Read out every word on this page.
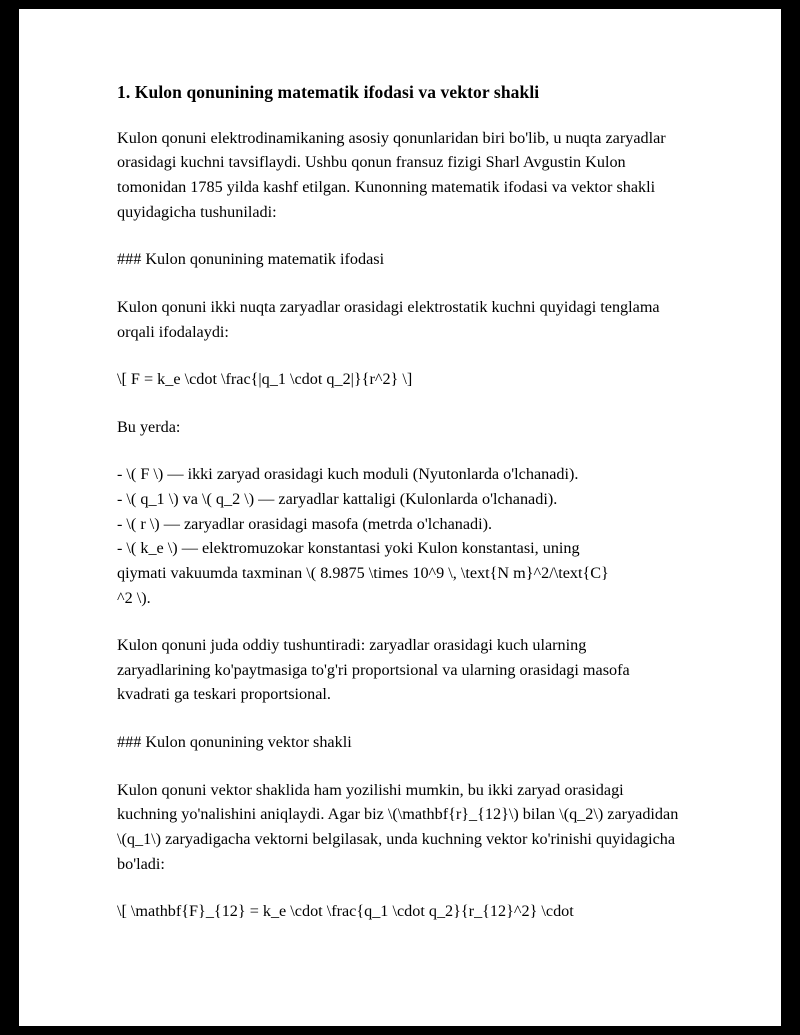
1. Kulon qonunining matematik ifodasi va vektor shakli

Kulon qonuni elektrodinamikaning asosiy qonunlaridan biri bo'lib, u nuqta zaryadlar orasidagi kuchni tavsiflaydi. Ushbu qonun fransuz fizigi Sharl Avgustin Kulon tomonidan 1785 yilda kashf etilgan. Kunonning matematik ifodasi va vektor shakli quyidagicha tushuniladi:

### Kulon qonunining matematik ifodasi

Kulon qonuni ikki nuqta zaryadlar orasidagi elektrostatik kuchni quyidagi tenglama orqali ifodalaydi:

\[ F = k_e \cdot \frac{|q_1 \cdot q_2|}{r^2} \]

Bu yerda:

- \( F \) — ikki zaryad orasidagi kuch moduli (Nyutonlarda o'lchanadi).
- \( q_1 \) va \( q_2 \) — zaryadlar kattaligi (Kulonlarda o'lchanadi).
- \( r \) — zaryadlar orasidagi masofa (metrda o'lchanadi).
- \( k_e \) — elektromuzokar konstantasi yoki Kulon konstantasi, uning
qiymati vakuumda taxminan \( 8.9875 \times 10^9 \, \text{N m}^2/\text{C}
^2 \).

Kulon qonuni juda oddiy tushuntiradi: zaryadlar orasidagi kuch ularning zaryadlarining ko'paytmasiga to'g'ri proportsional va ularning orasidagi masofa kvadrati ga teskari proportsional.

### Kulon qonunining vektor shakli

Kulon qonuni vektor shaklida ham yozilishi mumkin, bu ikki zaryad orasidagi kuchning yo'nalishini aniqlaydi. Agar biz \(\mathbf{r}_{12}\) bilan \(q_2\) zaryadidan \(q_1\) zaryadigacha vektorni belgilasak, unda kuchning vektor ko'rinishi quyidagicha bo'ladi:

\[ \mathbf{F}_{12} = k_e \cdot \frac{q_1 \cdot q_2}{r_{12}^2} \cdot
